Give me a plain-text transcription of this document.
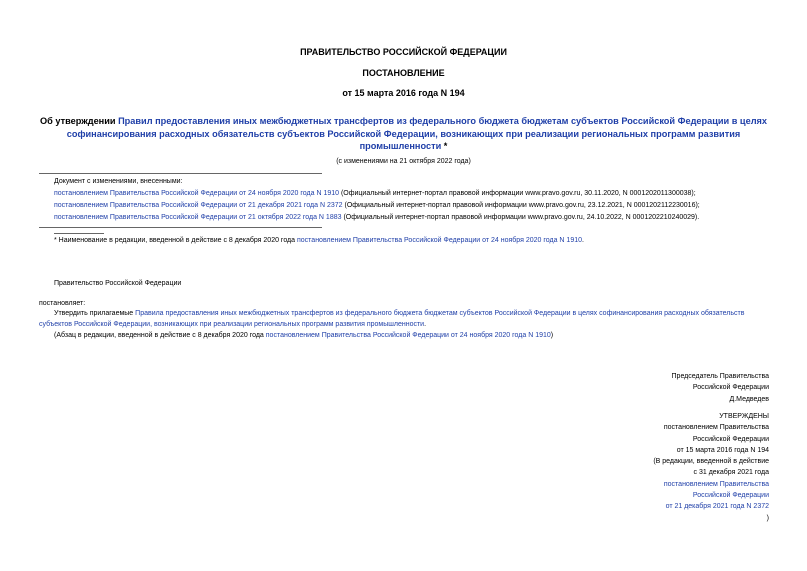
ПРАВИТЕЛЬСТВО РОССИЙСКОЙ ФЕДЕРАЦИИ
ПОСТАНОВЛЕНИЕ
от 15 марта 2016 года N 194
Об утверждении Правил предоставления иных межбюджетных трансфертов из федерального бюджета бюджетам субъектов Российской Федерации в целях софинансирования расходных обязательств субъектов Российской Федерации, возникающих при реализации региональных программ развития промышленности *
(с изменениями на 21 октября 2022 года)
Документ с изменениями, внесенными:
постановлением Правительства Российской Федерации от 24 ноября 2020 года N 1910 (Официальный интернет-портал правовой информации www.pravo.gov.ru, 30.11.2020, N 0001202011300038);
постановлением Правительства Российской Федерации от 21 декабря 2021 года N 2372 (Официальный интернет-портал правовой информации www.pravo.gov.ru, 23.12.2021, N 0001202112230016);
постановлением Правительства Российской Федерации от 21 октября 2022 года N 1883 (Официальный интернет-портал правовой информации www.pravo.gov.ru, 24.10.2022, N 0001202210240029).
* Наименование в редакции, введенной в действие с 8 декабря 2020 года постановлением Правительства Российской Федерации от 24 ноября 2020 года N 1910.
Правительство Российской Федерации
постановляет:
Утвердить прилагаемые Правила предоставления иных межбюджетных трансфертов из федерального бюджета бюджетам субъектов Российской Федерации в целях софинансирования расходных обязательств
субъектов Российской Федерации, возникающих при реализации региональных программ развития промышленности.
(Абзац в редакции, введенной в действие с 8 декабря 2020 года постановлением Правительства Российской Федерации от 24 ноября 2020 года N 1910)
Председатель Правительства
Российской Федерации
Д.Медведев
УТВЕРЖДЕНЫ
постановлением Правительства
Российской Федерации
от 15 марта 2016 года N 194
(В редакции, введенной в действие
с 31 декабря 2021 года
постановлением Правительства
Российской Федерации
от 21 декабря 2021 года N 2372
)
